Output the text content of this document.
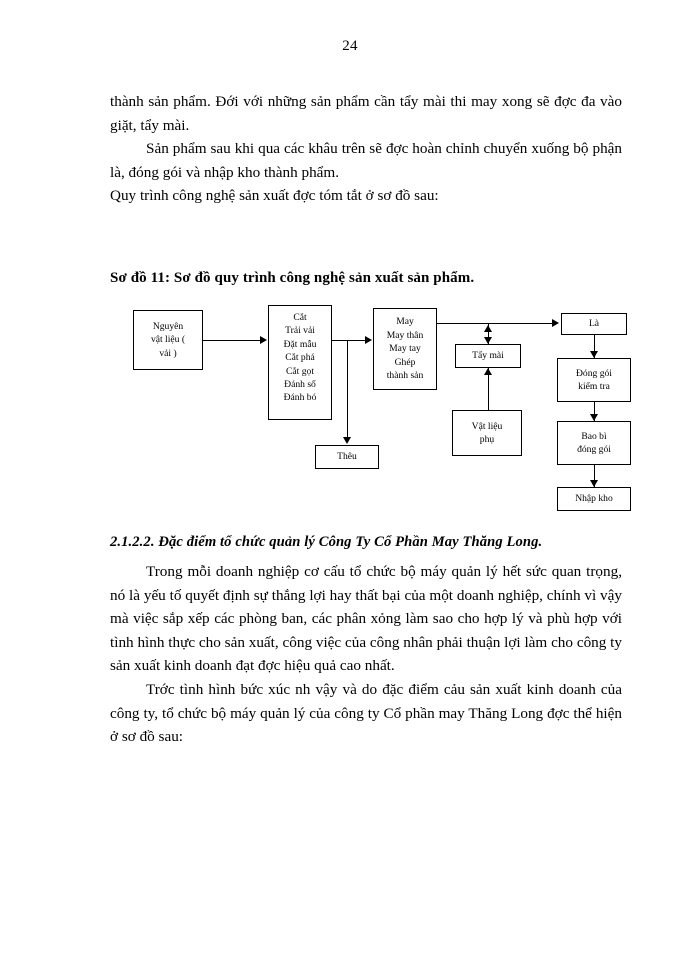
24

thành sản phẩm. Đới với những sản phẩm cần tẩy mài thi may xong sẽ đợc đa vào giặt, tẩy mài.

Sản phẩm sau khi qua các khâu trên sẽ đợc hoàn chỉnh chuyển xuống bộ phận là, đóng gói và nhập kho thành phẩm.

Quy trình công nghệ sản xuất đợc tóm tắt ở sơ đồ sau:

Sơ đồ 11: Sơ đồ quy trình công nghệ sản xuất sản phẩm.
Nguyên
vật liệu (
vải )
Cắt
Trải vải
Đặt mẫu
Cắt phá
Cắt gọt
Đánh số
Đánh bó
May
May thân
May tay
Ghép
thành sản
Thêu
Tẩy mài
Vật liệu
phụ
Là
Đóng gói
kiểm tra
Bao bì
đóng gói
Nhập kho
2.1.2.2. Đặc điểm tổ chức quản lý Công Ty Cổ Phần May Thăng Long.

Trong mỗi doanh nghiệp cơ cấu tổ chức bộ máy quản lý hết sức quan trọng, nó là yếu tố quyết định sự thắng lợi hay thất bại của một doanh nghiệp, chính vì vậy mà việc sắp xếp các phòng ban, các phân xỏng làm sao cho hợp lý và phù hợp với tình hình thực cho sản xuất, công việc của công nhân phải thuận lợi làm cho công ty sản xuất kinh doanh đạt đợc hiệu quả cao nhất.

Trớc tình hình bức xúc nh vậy và do đặc điểm cảu sản xuất kinh doanh của công ty, tổ chức bộ máy quản lý của công ty Cổ phần may Thăng Long đợc thể hiện ở sơ đồ sau:
